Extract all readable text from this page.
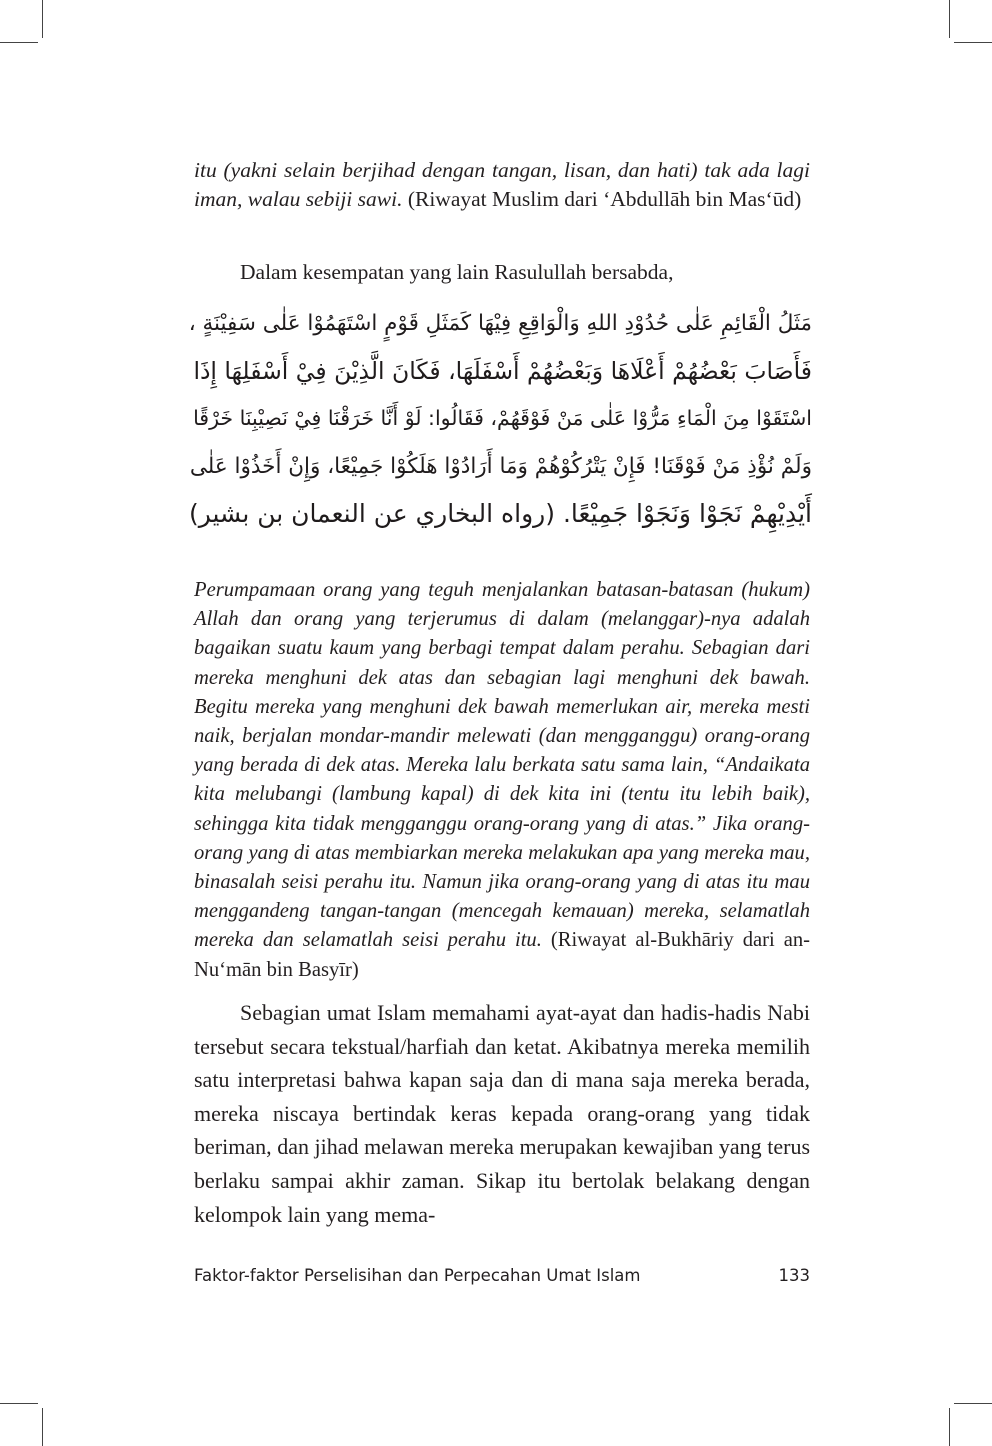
itu (yakni selain berjihad dengan tangan, lisan, dan hati) tak ada lagi iman, walau sebiji sawi. (Riwayat Muslim dari ʻAbdullāh bin Masʻūd)

Dalam kesempatan yang lain Rasulullah bersabda,

مَثَلُ الْقَائِمِ عَلٰى حُدُوْدِ اللهِ وَالْوَاقِعِ فِيْهَا كَمَثَلِ قَوْمٍ اسْتَهَمُوْا عَلٰى سَفِيْنَةٍ ،
فَأَصَابَ بَعْضُهُمْ أَعْلَاهَا وَبَعْضُهُمْ أَسْفَلَهَا، فَكَانَ الَّذِيْنَ فِيْ أَسْفَلِهَا إِذَا
اسْتَقَوْا مِنَ الْمَاءِ مَرُّوْا عَلٰى مَنْ فَوْقَهُمْ، فَقَالُوا: لَوْ أَنَّا خَرَقْنَا فِيْ نَصِيْبِنَا خَرْقًا
وَلَمْ نُؤْذِ مَنْ فَوْقَنَا! فَإِنْ يَتْرُكُوْهُمْ وَمَا أَرَادُوْا هَلَكُوْا جَمِيْعًا، وَإِنْ أَخَذُوْا عَلٰى
أَيْدِيْهِمْ نَجَوْا وَنَجَوْا جَمِيْعًا. (رواه البخاري عن النعمان بن بشير)

Perumpamaan orang yang teguh menjalankan batasan-batasan (hukum) Allah dan orang yang terjerumus di dalam (melanggar)-nya adalah bagaikan suatu kaum yang berbagi tempat dalam perahu. Sebagian dari mereka menghuni dek atas dan sebagian lagi menghuni dek bawah. Begitu mereka yang menghuni dek bawah memerlukan air, mereka mesti naik, berjalan mondar-mandir melewati (dan mengganggu) orang-orang yang berada di dek atas. Mereka lalu berkata satu sama lain, “Andaikata kita melubangi (lambung kapal) di dek kita ini (tentu itu lebih baik), sehingga kita tidak mengganggu orang-orang yang di atas.” Jika orang-orang yang di atas membiarkan mereka melakukan apa yang mereka mau, binasalah seisi perahu itu. Namun jika orang-orang yang di atas itu mau menggandeng tangan-tangan (mencegah kemauan) mereka, selamatlah mereka dan selamatlah seisi perahu itu. (Riwayat al-Bukhāriy dari an-Nuʻmān bin Basyīr)

Sebagian umat Islam memahami ayat-ayat dan hadis-hadis Nabi tersebut secara tekstual/harfiah dan ketat. Akibatnya mereka memilih satu interpretasi bahwa kapan saja dan di mana saja mereka berada, mereka niscaya bertindak keras kepada orang-orang yang tidak beriman, dan jihad melawan mereka merupakan kewajiban yang terus berlaku sampai akhir zaman. Sikap itu bertolak belakang dengan kelompok lain yang mema-

Faktor-faktor Perselisihan dan Perpecahan Umat Islam	133
